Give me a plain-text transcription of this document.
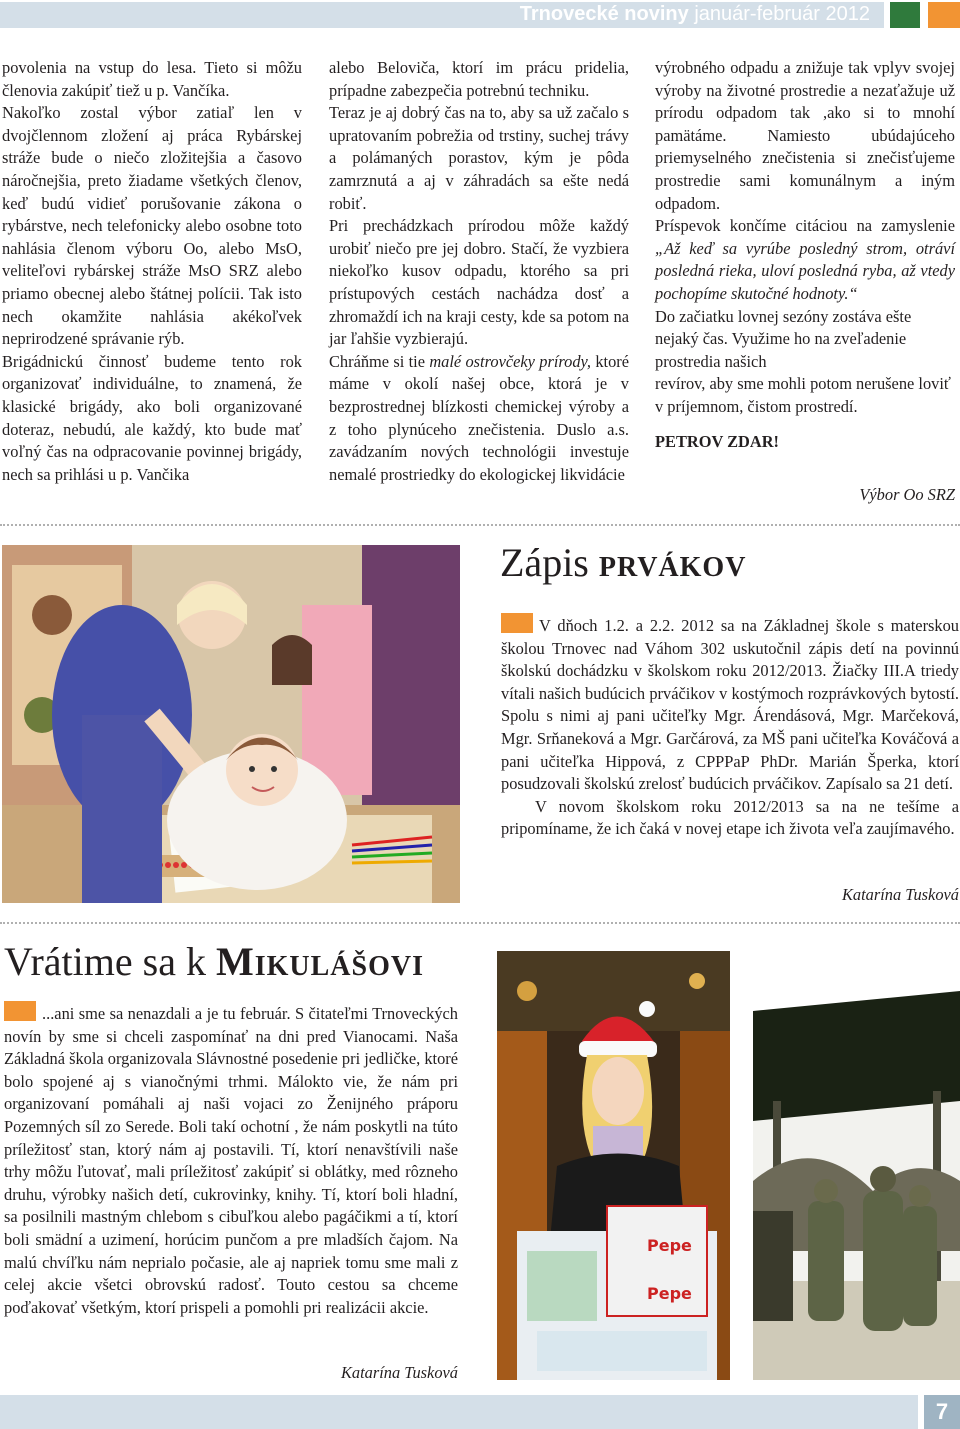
Trnovecké noviny január-február 2012

povolenia na vstup do lesa. Tieto si môžu členovia zakúpiť tiež u p. Vančíka.

Nakoľko zostal výbor zatiaľ len v dvojčlennom zložení aj práca Rybárskej stráže bude o niečo zložitejšia a časovo náročnejšia, preto žiadame všetkých členov, keď budú vidieť porušovanie zákona o rybárstve, nech telefonicky alebo osobne toto nahlásia členom výboru Oo, alebo MsO, veliteľovi rybárskej stráže MsO SRZ alebo priamo obecnej alebo štátnej polícii. Tak isto nech okamžite nahlásia akékoľvek neprirodzené správanie rýb.

Brigádnickú činnosť budeme tento rok organizovať individuálne, to znamená, že klasické brigády, ako boli organizované doteraz, nebudú, ale každý, kto bude mať voľný čas na odpracovanie povinnej brigády, nech sa prihlási u p. Vančika

alebo Beloviča, ktorí im prácu pridelia, prípadne zabezpečia potrebnú techniku.

Teraz je aj dobrý čas na to, aby sa už začalo s upratovaním pobrežia od trstiny, suchej trávy a polámaných porastov, kým je pôda zamrznutá a aj v záhradách sa ešte nedá robiť.

Pri prechádzkach prírodou môže každý urobiť niečo pre jej dobro. Stačí, že vyzbiera niekoľko kusov odpadu, ktorého sa pri prístupových cestách nachádza dosť a zhromaždí ich na kraji cesty, kde sa potom na jar ľahšie vyzbierajú.

Chráňme si tie malé ostrovčeky prírody, ktoré máme v okolí našej obce, ktorá je v bezprostrednej blízkosti chemickej výroby a z toho plynúceho znečistenia. Duslo a.s. zavádzaním nových technológii investuje nemalé prostriedky do ekologickej likvidácie

výrobného odpadu a znižuje tak vplyv svojej výroby na životné prostredie a nezaťažuje už prírodu odpadom tak ,ako si to mnohí pamätáme. Namiesto ubúdajúceho priemyselného znečistenia si znečisťujeme prostredie sami komunálnym a iným odpadom.

Príspevok končíme citáciou na zamyslenie „Až keď sa vyrúbe posledný strom, otráví posledná rieka, uloví posledná ryba, až vtedy pochopíme skutočné hodnoty.“

Do začiatku lovnej sezóny zostáva ešte nejaký čas. Využime ho na zveľadenie prostredia našich

revírov, aby sme mohli potom nerušene loviť v príjemnom, čistom prostredí.

PETROV ZDAR!

Výbor Oo SRZ
Zápis prvákov

V dňoch 1.2. a 2.2. 2012 sa na Základnej škole s materskou školou Trnovec nad Váhom 302 uskutočnil zápis detí na povinnú školskú dochádzku v školskom roku 2012/2013. Žiačky III.A triedy vítali našich budúcich prváčikov v kostýmoch rozprávkových bytostí. Spolu s nimi aj pani učiteľky Mgr. Árendásová, Mgr. Marčeková, Mgr. Srňaneková a Mgr. Garčárová, za MŠ pani učiteľka Kováčová a pani učiteľka Hippová, z CPPPaP PhDr. Marián Šperka, ktorí posudzovali školskú zrelosť budúcich prváčikov. Zapísalo sa 21 detí.

V novom školskom roku 2012/2013 sa na ne tešíme a pripomíname, že ich čaká v novej etape ich života veľa zaujímavého.

Katarína Tusková
Vrátime sa k Mikulášovi

...ani sme sa nenazdali a je tu február. S čitateľmi Trnoveckých novín by sme si chceli zaspomínať na dni pred Vianocami. Naša Základná škola organizovala Slávnostné posedenie pri jedličke, ktoré bolo spojené aj s vianočnými trhmi. Málokto vie, že nám pri organizovaní pomáhali aj naši vojaci zo Ženijného práporu Pozemných síl zo Serede. Boli takí ochotní , že nám poskytli na túto príležitosť stan, ktorý nám aj postavili. Tí, ktorí nenavštívili naše trhy môžu ľutovať, mali príležitosť zakúpiť si oblátky, med rôzneho druhu, výrobky našich detí, cukrovinky, knihy. Tí, ktorí boli hladní, sa posilnili mastným chlebom s cibuľkou alebo pagáčikmi a tí, ktorí boli smädní a uzimení, horúcim punčom a pre mladších čajom. Na malú chvíľku nám neprialo počasie, ale aj napriek tomu sme mali z celej akcie všetci obrovskú radosť. Touto cestou sa chceme poďakovať všetkým, ktorí prispeli a pomohli pri realizácii akcie.

Katarína Tusková
Pepe
Pepe
7
